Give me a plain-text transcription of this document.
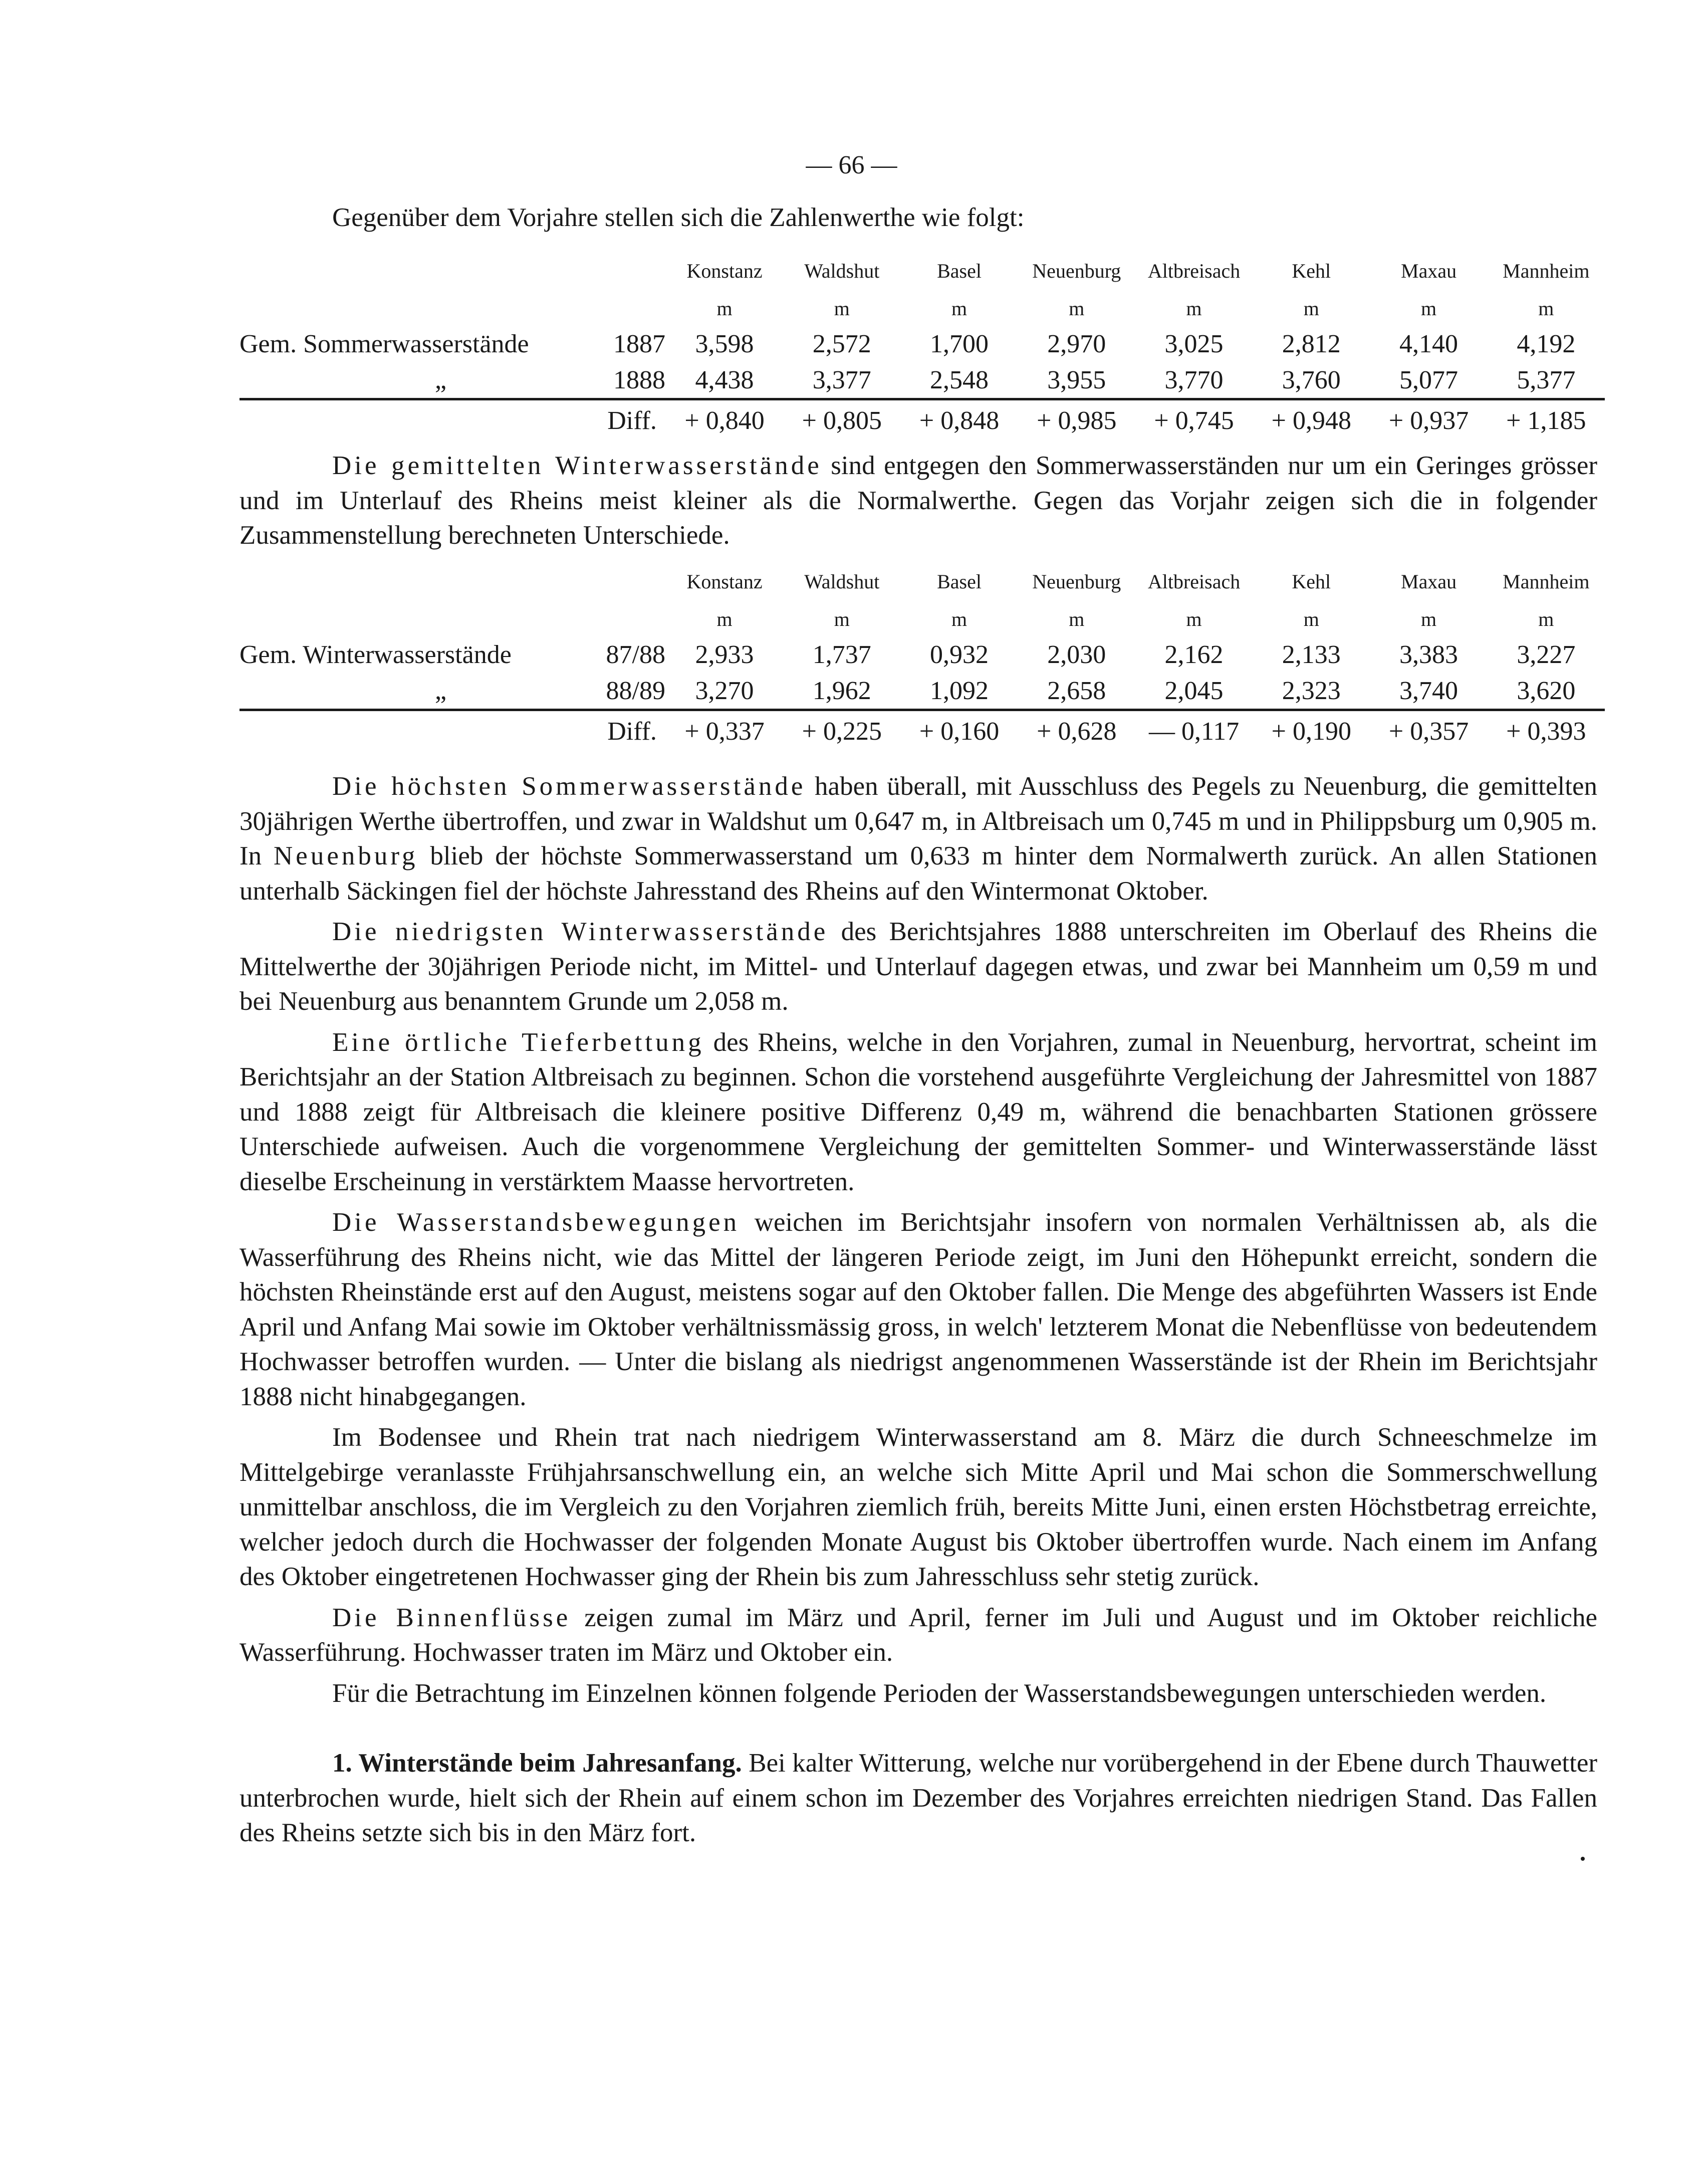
— 66 —

Gegenüber dem Vorjahre stellen sich die Zahlenwerthe wie folgt:

	Konstanz	Waldshut	Basel	Neuenburg	Altbreisach	Kehl	Maxau	Mannheim
	m	m	m	m	m	m	m	m
Gem. Sommerwasserstände 1887	3,598	2,572	1,700	2,970	3,025	2,812	4,140	4,192
„ 1888	4,438	3,377	2,548	3,955	3,770	3,760	5,077	5,377
Diff.	+ 0,840	+ 0,805	+ 0,848	+ 0,985	+ 0,745	+ 0,948	+ 0,937	+ 1,185

Die gemittelten Winterwasserstände sind entgegen den Sommerwasserständen nur um ein Geringes grösser und im Unterlauf des Rheins meist kleiner als die Normalwerthe. Gegen das Vorjahr zeigen sich die in folgender Zusammenstellung berechneten Unterschiede.

	Konstanz	Waldshut	Basel	Neuenburg	Altbreisach	Kehl	Maxau	Mannheim
	m	m	m	m	m	m	m	m
Gem. Winterwasserstände 87/88	2,933	1,737	0,932	2,030	2,162	2,133	3,383	3,227
„ 88/89	3,270	1,962	1,092	2,658	2,045	2,323	3,740	3,620
Diff.	+ 0,337	+ 0,225	+ 0,160	+ 0,628	— 0,117	+ 0,190	+ 0,357	+ 0,393

Die höchsten Sommerwasserstände haben überall, mit Ausschluss des Pegels zu Neuenburg, die gemittelten 30jährigen Werthe übertroffen, und zwar in Waldshut um 0,647 m, in Altbreisach um 0,745 m und in Philippsburg um 0,905 m. In Neuenburg blieb der höchste Sommerwasserstand um 0,633 m hinter dem Normalwerth zurück. An allen Stationen unterhalb Säckingen fiel der höchste Jahresstand des Rheins auf den Wintermonat Oktober.

Die niedrigsten Winterwasserstände des Berichtsjahres 1888 unterschreiten im Oberlauf des Rheins die Mittelwerthe der 30jährigen Periode nicht, im Mittel- und Unterlauf dagegen etwas, und zwar bei Mannheim um 0,59 m und bei Neuenburg aus benanntem Grunde um 2,058 m.

Eine örtliche Tieferbettung des Rheins, welche in den Vorjahren, zumal in Neuenburg, hervortrat, scheint im Berichtsjahr an der Station Altbreisach zu beginnen. Schon die vorstehend ausgeführte Vergleichung der Jahresmittel von 1887 und 1888 zeigt für Altbreisach die kleinere positive Differenz 0,49 m, während die benachbarten Stationen grössere Unterschiede aufweisen. Auch die vorgenommene Vergleichung der gemittelten Sommer- und Winterwasserstände lässt dieselbe Erscheinung in verstärktem Maasse hervortreten.

Die Wasserstandsbewegungen weichen im Berichtsjahr insofern von normalen Verhältnissen ab, als die Wasserführung des Rheins nicht, wie das Mittel der längeren Periode zeigt, im Juni den Höhepunkt erreicht, sondern die höchsten Rheinstände erst auf den August, meistens sogar auf den Oktober fallen. Die Menge des abgeführten Wassers ist Ende April und Anfang Mai sowie im Oktober verhältnissmässig gross, in welch' letzterem Monat die Nebenflüsse von bedeutendem Hochwasser betroffen wurden. — Unter die bislang als niedrigst angenommenen Wasserstände ist der Rhein im Berichtsjahr 1888 nicht hinabgegangen.

Im Bodensee und Rhein trat nach niedrigem Winterwasserstand am 8. März die durch Schneeschmelze im Mittelgebirge veranlasste Frühjahrsanschwellung ein, an welche sich Mitte April und Mai schon die Sommerschwellung unmittelbar anschloss, die im Vergleich zu den Vorjahren ziemlich früh, bereits Mitte Juni, einen ersten Höchstbetrag erreichte, welcher jedoch durch die Hochwasser der folgenden Monate August bis Oktober übertroffen wurde. Nach einem im Anfang des Oktober eingetretenen Hochwasser ging der Rhein bis zum Jahresschluss sehr stetig zurück.

Die Binnenflüsse zeigen zumal im März und April, ferner im Juli und August und im Oktober reichliche Wasserführung. Hochwasser traten im März und Oktober ein.

Für die Betrachtung im Einzelnen können folgende Perioden der Wasserstandsbewegungen unterschieden werden.

1. Winterstände beim Jahresanfang. Bei kalter Witterung, welche nur vorübergehend in der Ebene durch Thauwetter unterbrochen wurde, hielt sich der Rhein auf einem schon im Dezember des Vorjahres erreichten niedrigen Stand. Das Fallen des Rheins setzte sich bis in den März fort.
